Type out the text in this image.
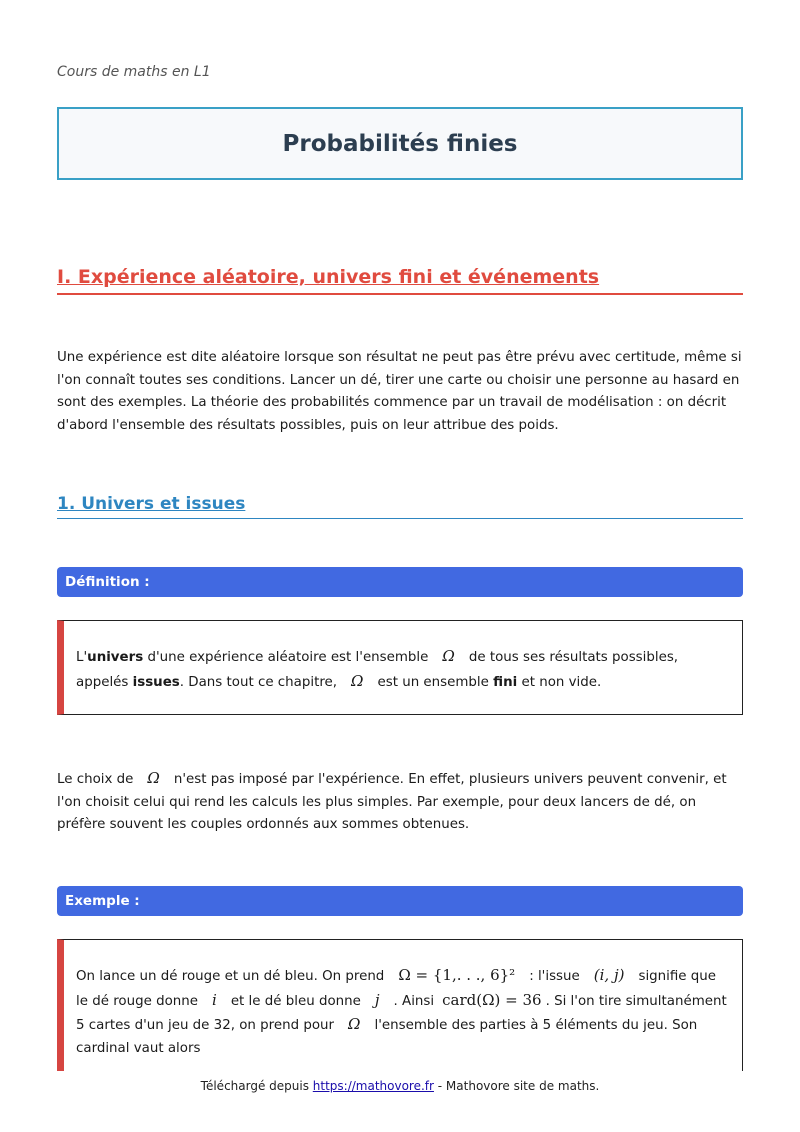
Cours de maths en L1
Probabilités finies
I. Expérience aléatoire, univers fini et événements

Une expérience est dite aléatoire lorsque son résultat ne peut pas être prévu avec certitude, même si l'on connaît toutes ses conditions. Lancer un dé, tirer une carte ou choisir une personne au hasard en sont des exemples. La théorie des probabilités commence par un travail de modélisation : on décrit d'abord l'ensemble des résultats possibles, puis on leur attribue des poids.

1. Univers et issues
Définition :

L'univers d'une expérience aléatoire est l'ensemble Ω de tous ses résultats possibles, appelés issues. Dans tout ce chapitre, Ω est un ensemble fini et non vide.

Le choix de Ω n'est pas imposé par l'expérience. En effet, plusieurs univers peuvent convenir, et l'on choisit celui qui rend les calculs les plus simples. Par exemple, pour deux lancers de dé, on préfère souvent les couples ordonnés aux sommes obtenues.

Exemple :

On lance un dé rouge et un dé bleu. On prend Ω = {1,. . ., 6}² : l'issue (i, j) signifie que le dé rouge donne i et le dé bleu donne j . Ainsi card(Ω) = 36 . Si l'on tire simultanément 5 cartes d'un jeu de 32, on prend pour Ω l'ensemble des parties à 5 éléments du jeu. Son cardinal vaut alors

Téléchargé depuis https://mathovore.fr - Mathovore site de maths.
